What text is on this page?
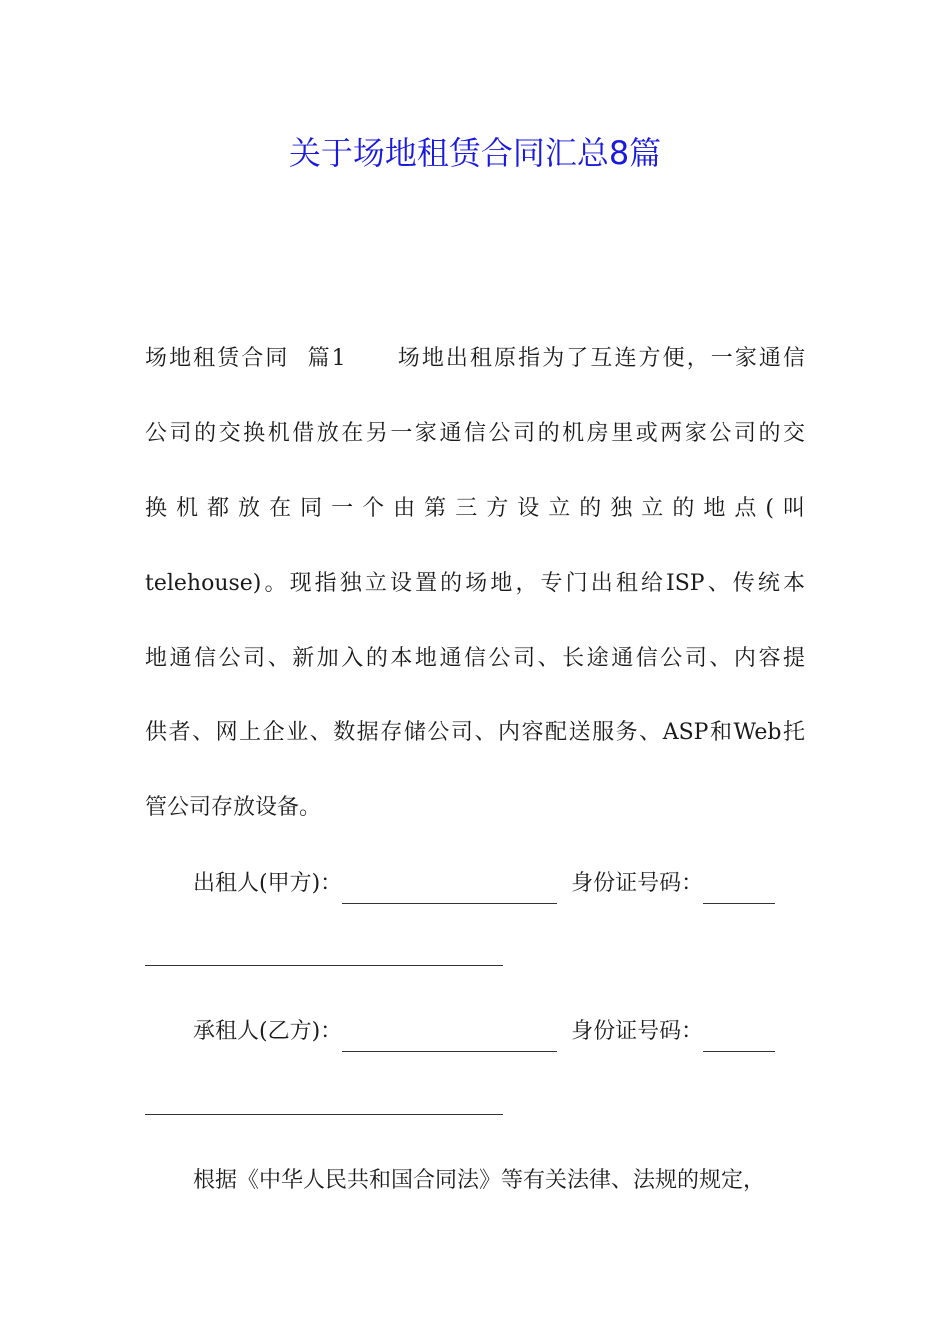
关于场地租赁合同汇总8篇
场地租赁合同  篇1 场地出租原指为了互连方便，一家通信
公司的交换机借放在另一家通信公司的机房里或两家公司的交
换机都放在同一个由第三方设立的独立的地点(叫
telehouse)。现指独立设置的场地，专门出租给ISP、传统本
地通信公司、新加入的本地通信公司、长途通信公司、内容提
供者、网上企业、数据存储公司、内容配送服务、ASP和Web托
管公司存放设备。
出租人(甲方)：	身份证号码：
承租人(乙方)：	身份证号码：
根据《中华人民共和国合同法》等有关法律、法规的规定，
